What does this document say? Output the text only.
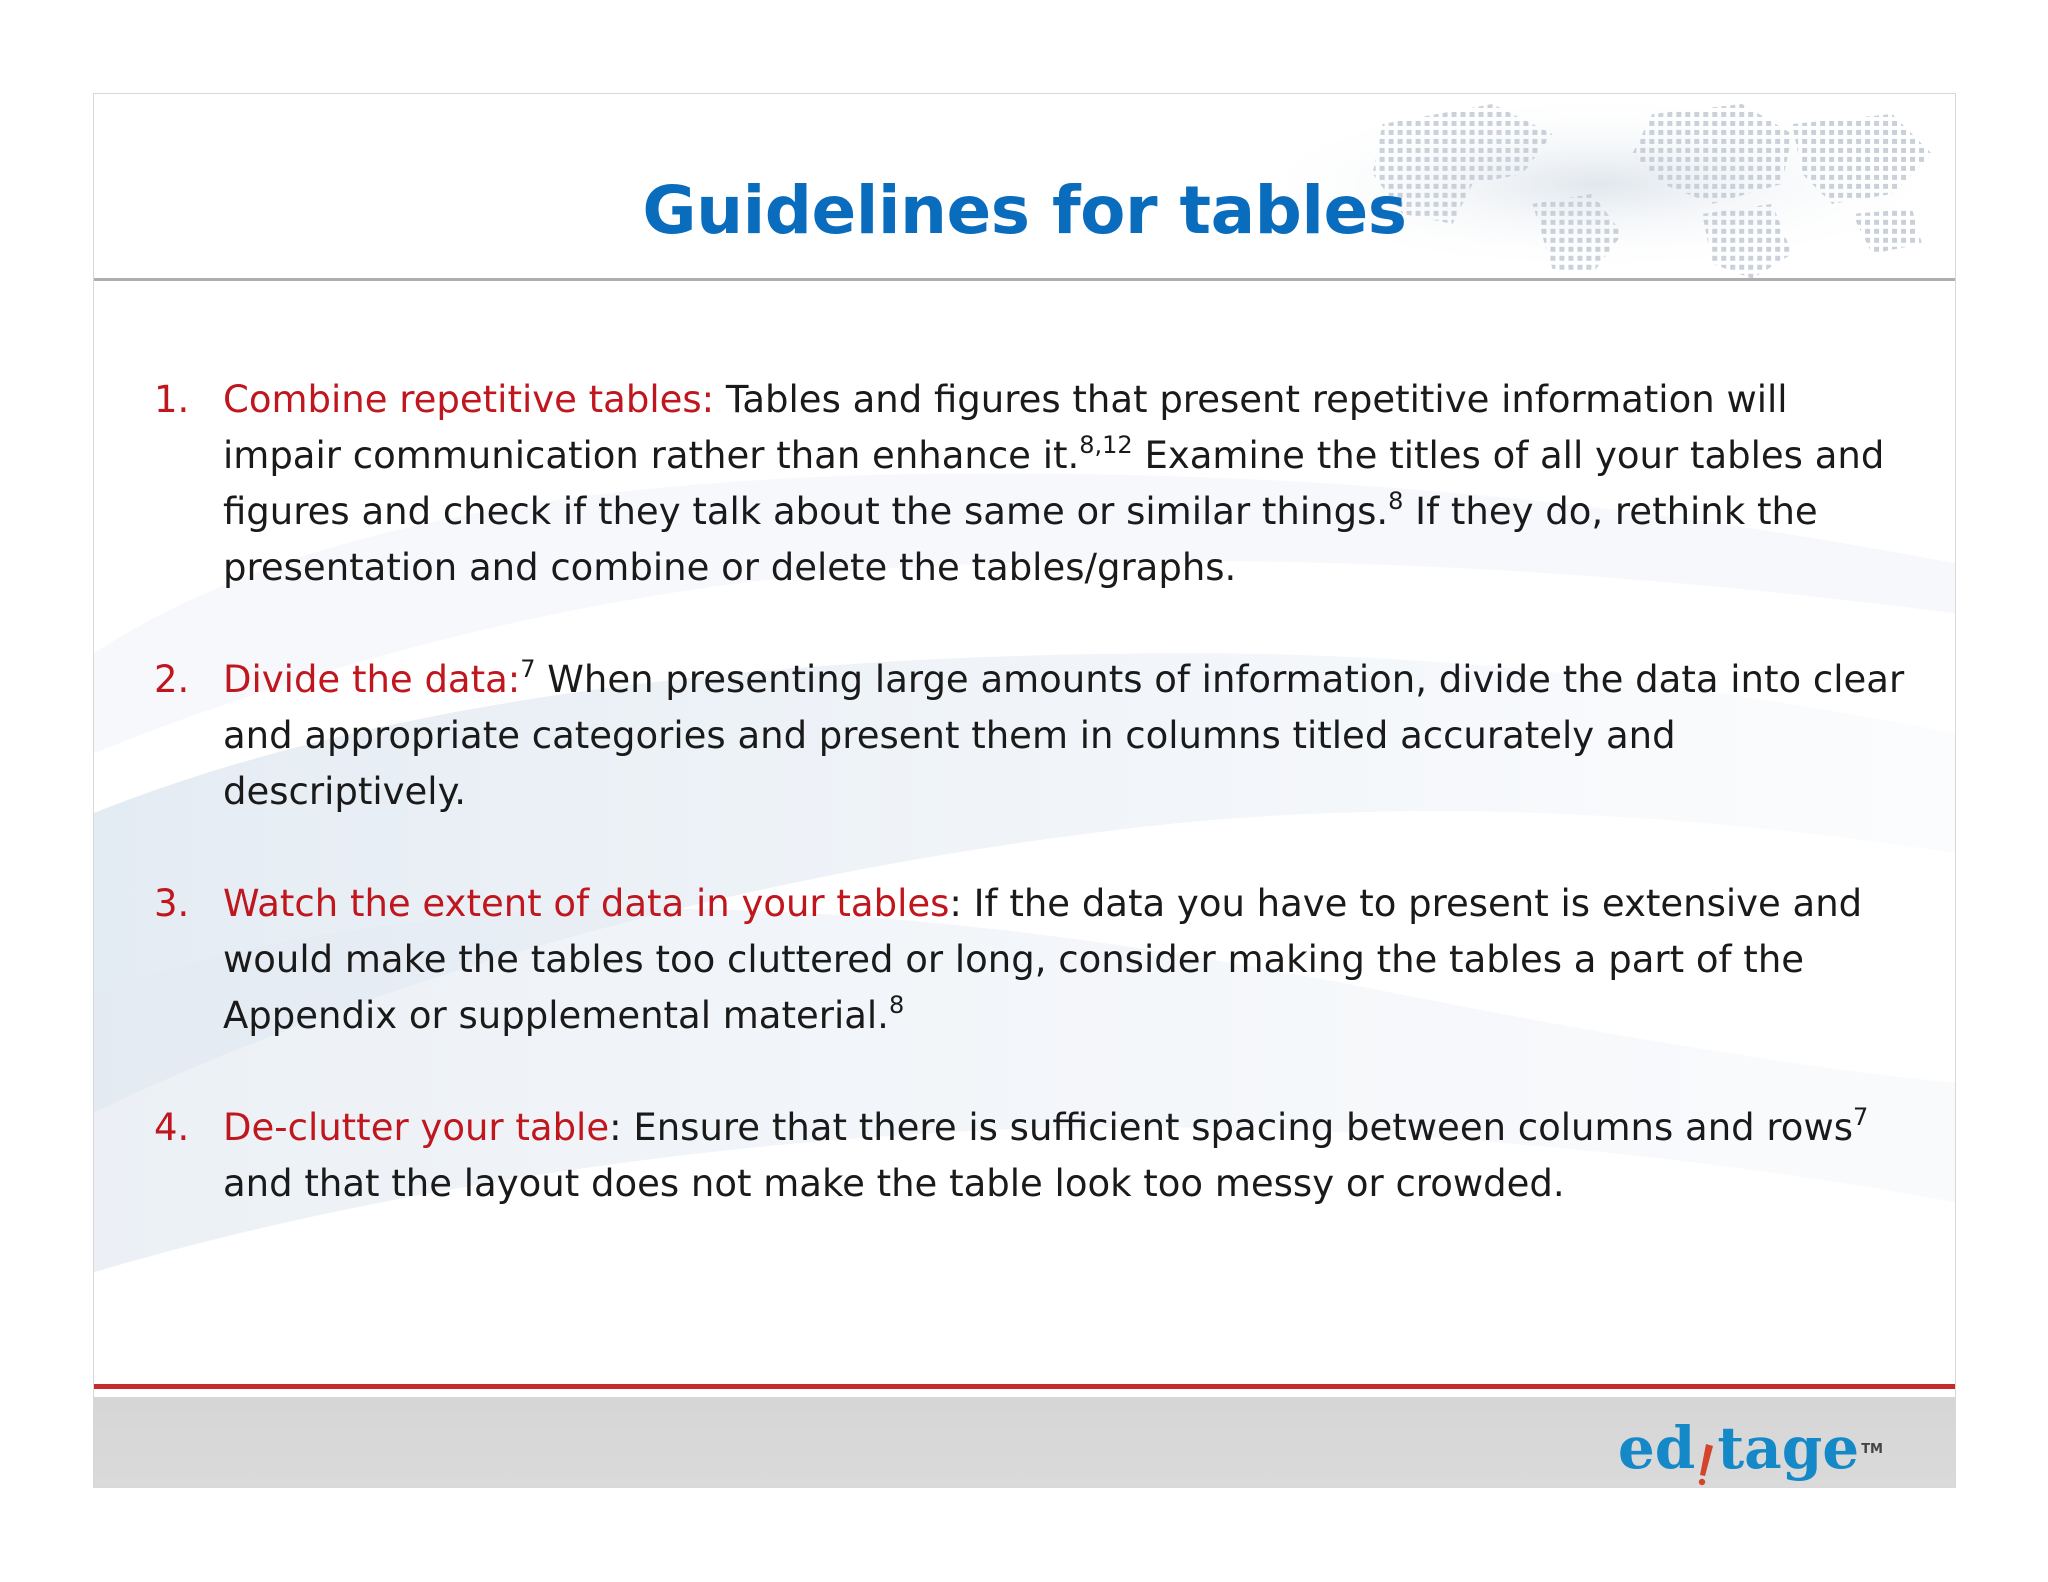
Guidelines for tables
1. Combine repetitive tables: Tables and figures that present repetitive information will impair communication rather than enhance it.$^{8,12}$ Examine the titles of all your tables and figures and check if they talk about the same or similar things.$^8$ If they do, rethink the presentation and combine or delete the tables/graphs.
2. Divide the data:$^7$ When presenting large amounts of information, divide the data into clear and appropriate categories and present them in columns titled accurately and descriptively.
3. Watch the extent of data in your tables: If the data you have to present is extensive and would make the tables too cluttered or long, consider making the tables a part of the Appendix or supplemental material.$^8$
4. De-clutter your table: Ensure that there is sufficient spacing between columns and rows$^7$ and that the layout does not make the table look too messy or crowded.
ed tage TM
